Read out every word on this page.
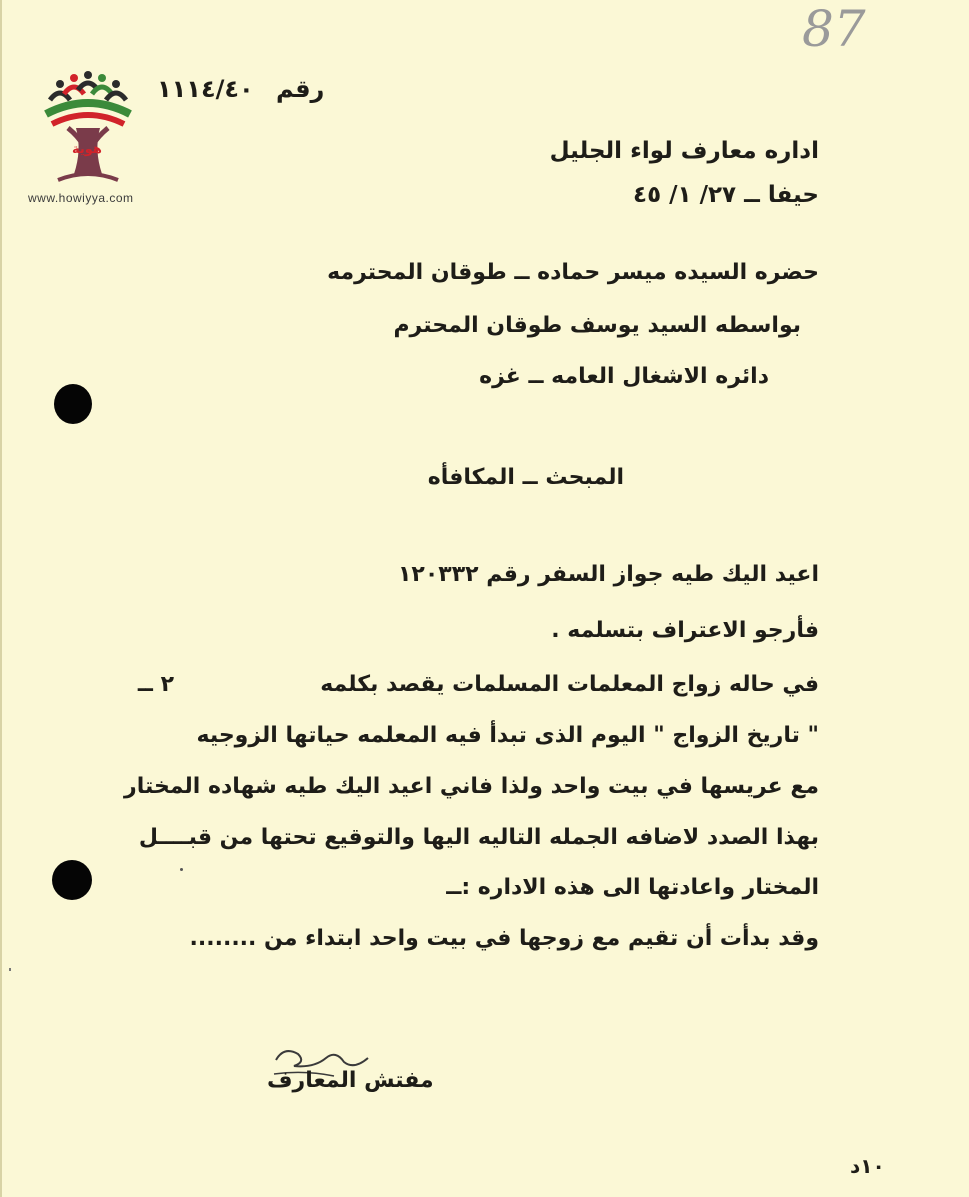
87
هوية
www.howiyya.com
رقم ١١١٤/٤٠
اداره معارف لواء الجليل
حيفا ــ ٢٧/ ١/ ٤٥
حضره السيده ميسر حماده ــ طوقان المحترمه
بواسطه السيد يوسف طوقان المحترم
دائره الاشغال العامه ــ غزه
المبحث ــ المكافأه
اعيد اليك طيه جواز السفر رقم ١٢٠٣٣٢
فأرجو الاعتراف بتسلمه .
٢ ــ	في حاله زواج المعلمات المسلمات يقصد بكلمه
" تاريخ الزواج " اليوم الذى تبدأ فيه المعلمه حياتها الزوجيه
مع عريسها في بيت واحد ولذا فاني اعيد اليك طيه شهاده المختار
بهذا الصدد لاضافه الجمله التاليه اليها والتوقيع تحتها من قبــــل
المختار واعادتها الى هذه الاداره :ــ
وقد بدأت أن تقيم مع زوجها في بيت واحد ابتداء من ........
مفتش المعارف
١٠د
